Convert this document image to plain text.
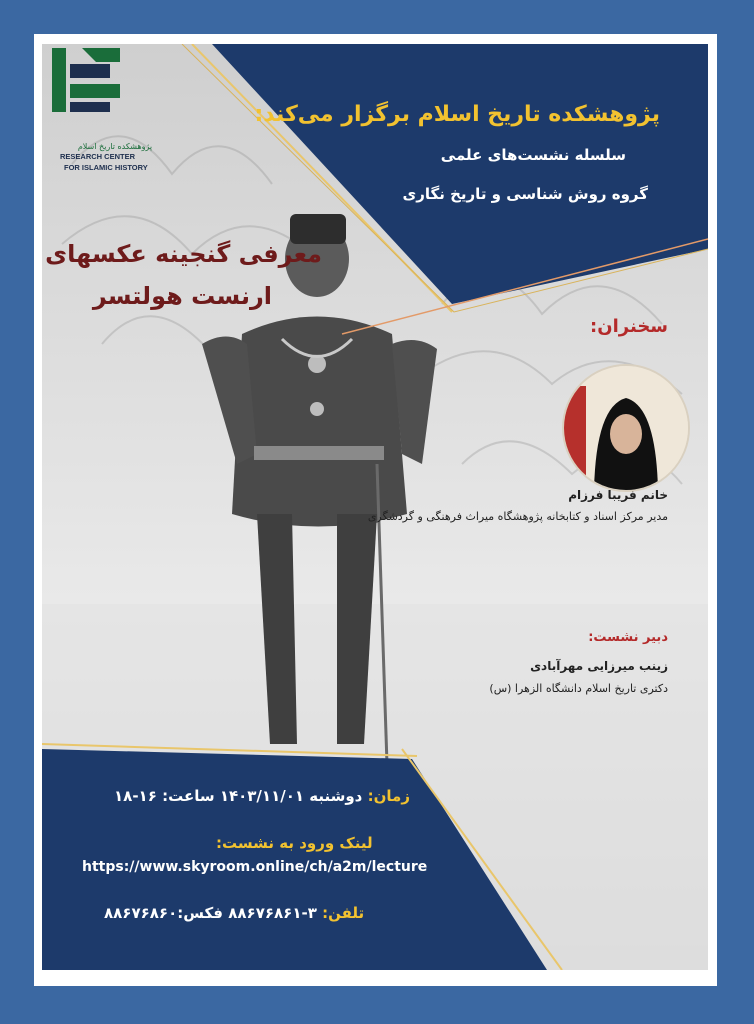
پژوهشکده تاریخ اسلام
RESEARCH CENTER
FOR ISLAMIC HISTORY
پژوهشکده تاریخ اسلام برگزار می‌کند:
سلسله نشست‌های علمی
گروه روش شناسی و تاریخ نگاری
معرفی گنجینه عکسهای
ارنست هولتسر
سخنران:
خانم فریبا فرزام
مدیر مرکز اسناد و کتابخانه پژوهشگاه میراث فرهنگی و گردشگری
دبیر نشست:
زینب میرزایی مهرآبادی
دکتری تاریخ اسلام دانشگاه الزهرا (س)
زمان: دوشنبه ۱۴۰۳/۱۱/۰۱ ساعت: ۱۶-۱۸
لینک ورود به نشست:
https://www.skyroom.online/ch/a2m/lecture
تلفن: ۳-۸۸۶۷۶۸۶۱ فکس:۸۸۶۷۶۸۶۰
